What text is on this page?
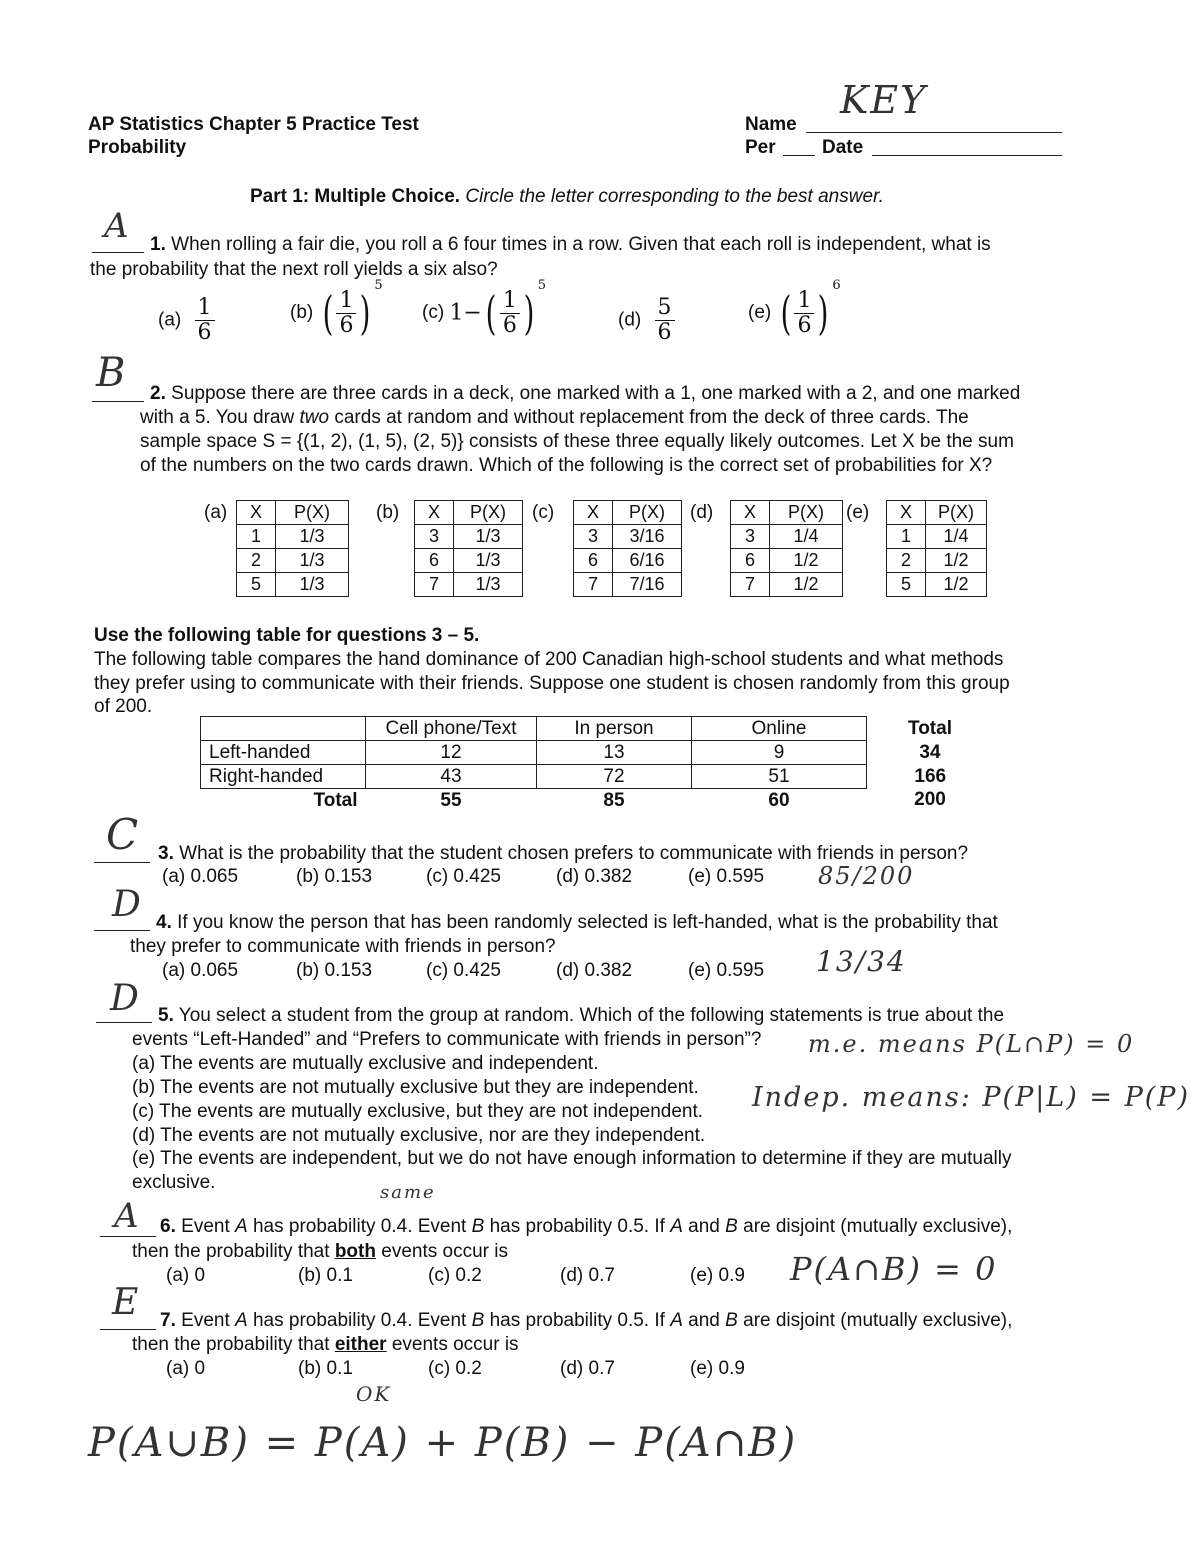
AP Statistics Chapter 5 Practice Test
Probability
Name
KEY
Per Date
Part 1: Multiple Choice. Circle the letter corresponding to the best answer.
A 1. When rolling a fair die, you roll a 6 four times in a row. Given that each roll is independent, what is
the probability that the next roll yields a six also?
$(a) \frac{1}{6}$	(b) ( $\frac{1}{6} )^5$
(c) $1-( \frac{1}{6} )^5$
$(d) \frac{5}{6}$	(e) ( $\frac{1}{6} )^6$
B 2. Suppose there are three cards in a deck, one marked with a 1, one marked with a 2, and one marked
with a 5. You draw two cards at random and without replacement from the deck of three cards. The
sample space S = {(1, 2), (1, 5), (2, 5)} consists of these three equally likely outcomes. Let X be the sum
of the numbers on the two cards drawn. Which of the following is the correct set of probabilities for X?
(a) X	P(X)
1	1/3
2	1/3
5	1/3
(b) X	P(X)
3	1/3
6	1/3
7	1/3
(c) X	P(X)
3	3/16
6	6/16
7	7/16
(d) X	P(X)
3	1/4
6	1/2
7	1/2
(e) X	P(X)
1	1/4
2	1/2
5	1/2
Use the following table for questions 3 – 5.
The following table compares the hand dominance of 200 Canadian high-school students and what methods
they prefer using to communicate with their friends. Suppose one student is chosen randomly from this group
of 200.
	Cell phone/Text	In person	Online	Total
Left-handed	12	13	9	34
Right-handed	43	72	51	166
Total	55	85	60	200
C 3. What is the probability that the student chosen prefers to communicate with friends in person?
(a) 0.065	(b) 0.153	(c) 0.425	(d) 0.382	(e) 0.595 85/200
D 4. If you know the person that has been randomly selected is left-handed, what is the probability that
they prefer to communicate with friends in person?
(a) 0.065	(b) 0.153	(c) 0.425	(d) 0.382	(e) 0.595 13/34
D 5. You select a student from the group at random. Which of the following statements is true about the
events “Left-Handed” and “Prefers to communicate with friends in person”?
(a) The events are mutually exclusive and independent.
(b) The events are not mutually exclusive but they are independent.
(c) The events are mutually exclusive, but they are not independent.
(d) The events are not mutually exclusive, nor are they independent.
(e) The events are independent, but we do not have enough information to determine if they are mutually
exclusive.
m.e. means P(L∩P) = 0
Indep. means: P(P|L) = P(P)
A 6. Event A has probability 0.4. Event B has probability 0.5. If A and B are disjoint (mutually exclusive),
then the probability that both events occur is
(a) 0	(b) 0.1	(c) 0.2	(d) 0.7	(e) 0.9 P(A∩B) = 0
same
E 7. Event A has probability 0.4. Event B has probability 0.5. If A and B are disjoint (mutually exclusive),
then the probability that either events occur is
(a) 0	(b) 0.1	(c) 0.2	(d) 0.7	(e) 0.9
OK
P(A∪B) = P(A) + P(B) − P(A∩B)
